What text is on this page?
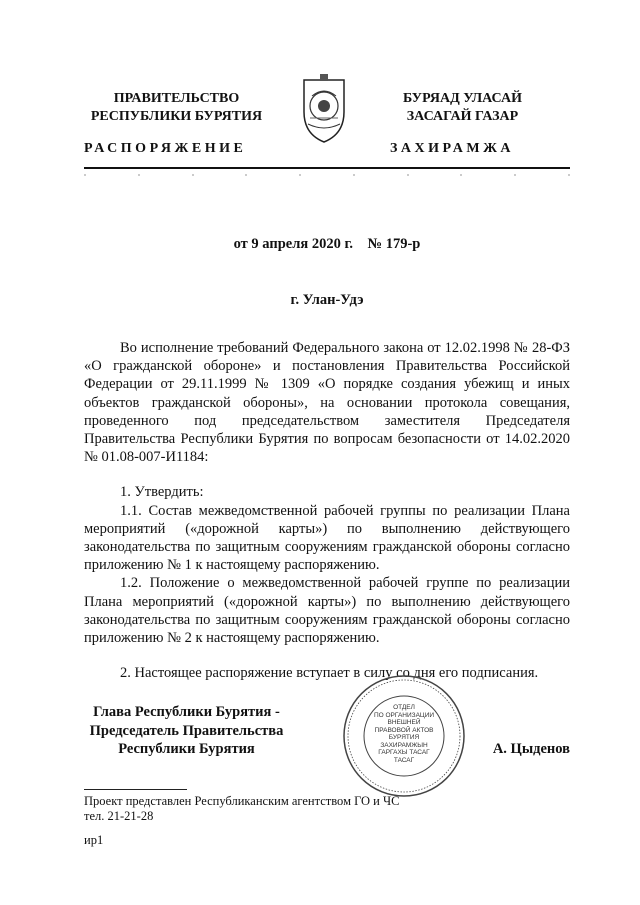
ПРАВИТЕЛЬСТВО
РЕСПУБЛИКИ БУРЯТИЯ
РАСПОРЯЖЕНИЕ
БУРЯАД УЛАСАЙ
ЗАСАГАЙ ГАЗАР
ЗАХИРАМЖА
от 9 апреля 2020 г.    № 179-р
г. Улан-Удэ

Во исполнение требований Федерального закона от 12.02.1998 № 28-ФЗ «О гражданской обороне» и постановления Правительства Российской Федерации от 29.11.1999 № 1309 «О порядке создания убежищ и иных объектов гражданской обороны», на основании протокола совещания, проведенного под председательством заместителя Председателя Правительства Республики Бурятия по вопросам безопасности от 14.02.2020 № 01.08-007-И1184:

1. Утвердить:

1.1. Состав межведомственной рабочей группы по реализации Плана мероприятий («дорожной карты») по выполнению действующего законодательства по защитным сооружениям гражданской обороны согласно приложению № 1 к настоящему распоряжению.

1.2. Положение о межведомственной рабочей группе по реализации Плана мероприятий («дорожной карты») по выполнению действующего законодательства по защитным сооружениям гражданской обороны согласно приложению № 2 к настоящему распоряжению.

2. Настоящее распоряжение вступает в силу со дня его подписания.

Глава Республики Бурятия -
Председатель Правительства
Республики Бурятия
ОТДЕЛ
ПО ОРГАНИЗАЦИИ
ВНЕШНЕЙ
ПРАВОВОЙ АКТОВ
БУРЯТИЯ
ЗАХИРАМЖЫН
ГАРГАХЫ ТАСАГ
ТАСАГ
А. Цыденов
Проект представлен Республиканским агентством ГО и ЧС
тел. 21-21-28
ир1
